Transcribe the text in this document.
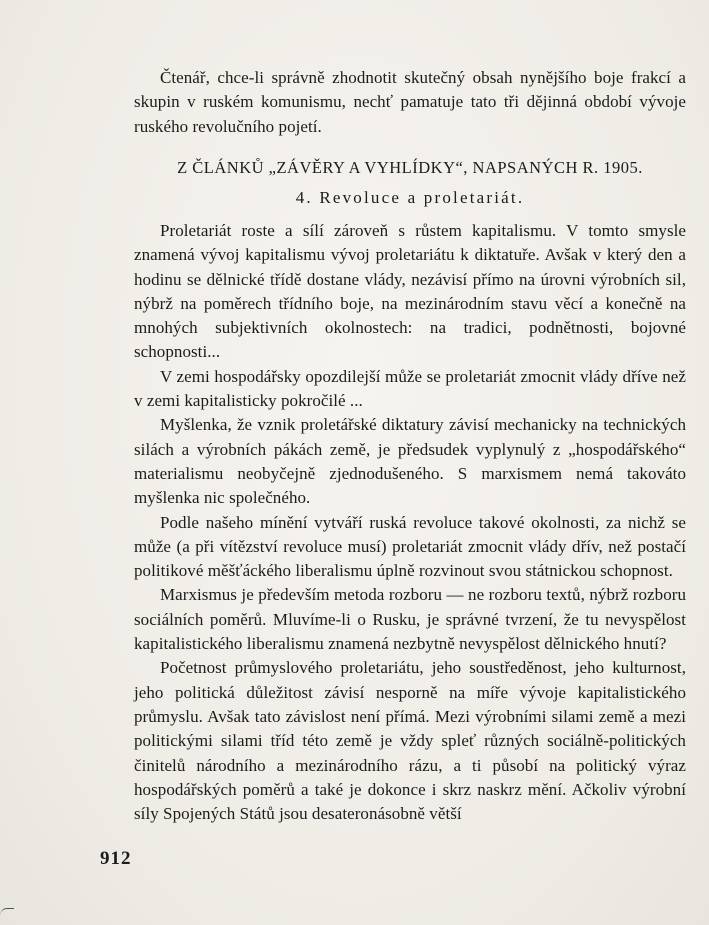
Čtenář, chce-li správně zhodnotit skutečný obsah nynějšího boje frakcí a skupin v ruském komunismu, nechť pamatuje tato tři dějinná období vývoje ruského revolučního pojetí.

Z ČLÁNKŮ „ZÁVĚRY A VYHLÍDKY“, NAPSANÝCH R. 1905.
4. Revoluce a proletariát.

Proletariát roste a sílí zároveň s růstem kapitalismu. V tomto smysle znamená vývoj kapitalismu vývoj proletariátu k diktatuře. Avšak v který den a hodinu se dělnické třídě dostane vlády, nezávisí přímo na úrovni výrobních sil, nýbrž na poměrech třídního boje, na mezinárodním stavu věcí a konečně na mnohých subjektivních okolnostech: na tradici, podnětnosti, bojovné schopnosti...

V zemi hospodářsky opozdilejší může se proletariát zmocnit vlády dříve než v zemi kapitalisticky pokročilé ...

Myšlenka, že vznik proletářské diktatury závisí mechanicky na technických silách a výrobních pákách země, je předsudek vyplynulý z „hospodářského“ materialismu neobyčejně zjednodušeného. S marxismem nemá takováto myšlenka nic společného.

Podle našeho mínění vytváří ruská revoluce takové okolnosti, za nichž se může (a při vítězství revoluce musí) proletariát zmocnit vlády dřív, než postačí politikové měšťáckého liberalismu úplně rozvinout svou státnickou schopnost.

Marxismus je především metoda rozboru — ne rozboru textů, nýbrž rozboru sociálních poměrů. Mluvíme-li o Rusku, je správné tvrzení, že tu nevyspělost kapitalistického liberalismu znamená nezbytně nevyspělost dělnického hnutí?

Početnost průmyslového proletariátu, jeho soustředěnost, jeho kulturnost, jeho politická důležitost závisí nesporně na míře vývoje kapitalistického průmyslu. Avšak tato závislost není přímá. Mezi výrobními silami země a mezi politickými silami tříd této země je vždy spleť různých sociálně-politických činitelů národního a mezinárodního rázu, a ti působí na politický výraz hospodářských poměrů a také je dokonce i skrz naskrz mění. Ačkoliv výrobní síly Spojených Států jsou desateronásobně větší

912
